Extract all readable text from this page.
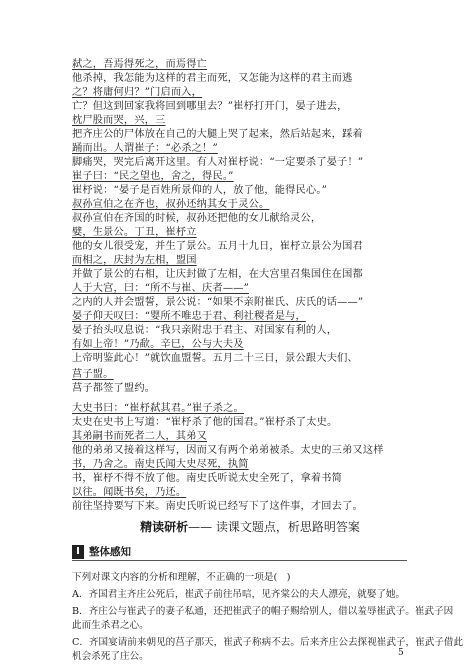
弑之，吾焉得死之，而焉得亡
他杀掉，我怎能为这样的君主而死，又怎能为这样的君主而逃
之？将庸何归？”门启而入，
亡？但这到回家我将回到哪里去？”崔杼打开门，晏子进去，
枕尸股而哭，兴，三
把齐庄公的尸体放在自己的大腿上哭了起来，然后站起来，踩着
踊而出。人谓崔子：“必杀之！”
脚痛哭，哭完后离开这里。有人对崔杼说：“一定要杀了晏子！”
崔子曰：“民之望也，舍之，得民。”
崔杼说：“晏子是百姓所景仰的人，放了他，能得民心。”
叔孙宣伯之在齐也，叔孙还纳其女于灵公。
叔孙宣伯在齐国的时候，叔孙还把他的女儿献给灵公，
嬖，生景公。丁丑，崔杼立
他的女儿很受宠，并生了景公。五月十九日，崔杼立景公为国君
而相之，庆封为左相，盟国
并做了景公的右相，让庆封做了左相，在大宫里召集国住在国都
人于大宫，曰：“所不与崔、庆者——”
之内的人并会盟誓，景公说：“如果不亲附崔氏、庆氏的话——”
晏子仰天叹曰：“婴所不唯忠于君、利社稷者是与，
晏子抬头叹息说：“我只亲附忠于君主、对国家有利的人，
有如上帝！”乃歃。辛巳，公与大夫及
上帝明鉴此心！”就饮血盟誓。五月二十三日，景公跟大夫们、
莒子盟。
莒子都签了盟约。
大史书曰：“崔杼弑其君。”崔子杀之。
太史在史书上写道：“崔杼杀了他的国君。”崔杼杀了太史。
其弟嗣书而死者二人，其弟又
他的弟弟又接着这样写，因而又有两个弟弟被杀。太史的三弟又这样
书，乃舍之。南史氏闻大史尽死，执简
书，崔杼不得不放了他。南史氏听说太史全死了，拿着书简
以往。闻既书矣，乃还。
前往坚持要写下来。南史氏听说已经写下了这件事，才回去了。
精读研析—— 读课文题点，析思路明答案
I 整体感知
下列对课文内容的分析和理解，不正确的一项是(　)
A．齐国君主齐庄公死后，崔武子前往吊唁，见齐棠公的夫人漂亮，就娶了她。
B．齐庄公与崔武子的妻子私通，还把崔武子的帽子赐给别人，借以羞辱崔武子。崔武子因
此而生杀君之心。
C．齐国宴请前来朝见的莒子那天，崔武子称病不去。后来齐庄公去探视崔武子，崔武子借此
机会杀死了庄公。	5
